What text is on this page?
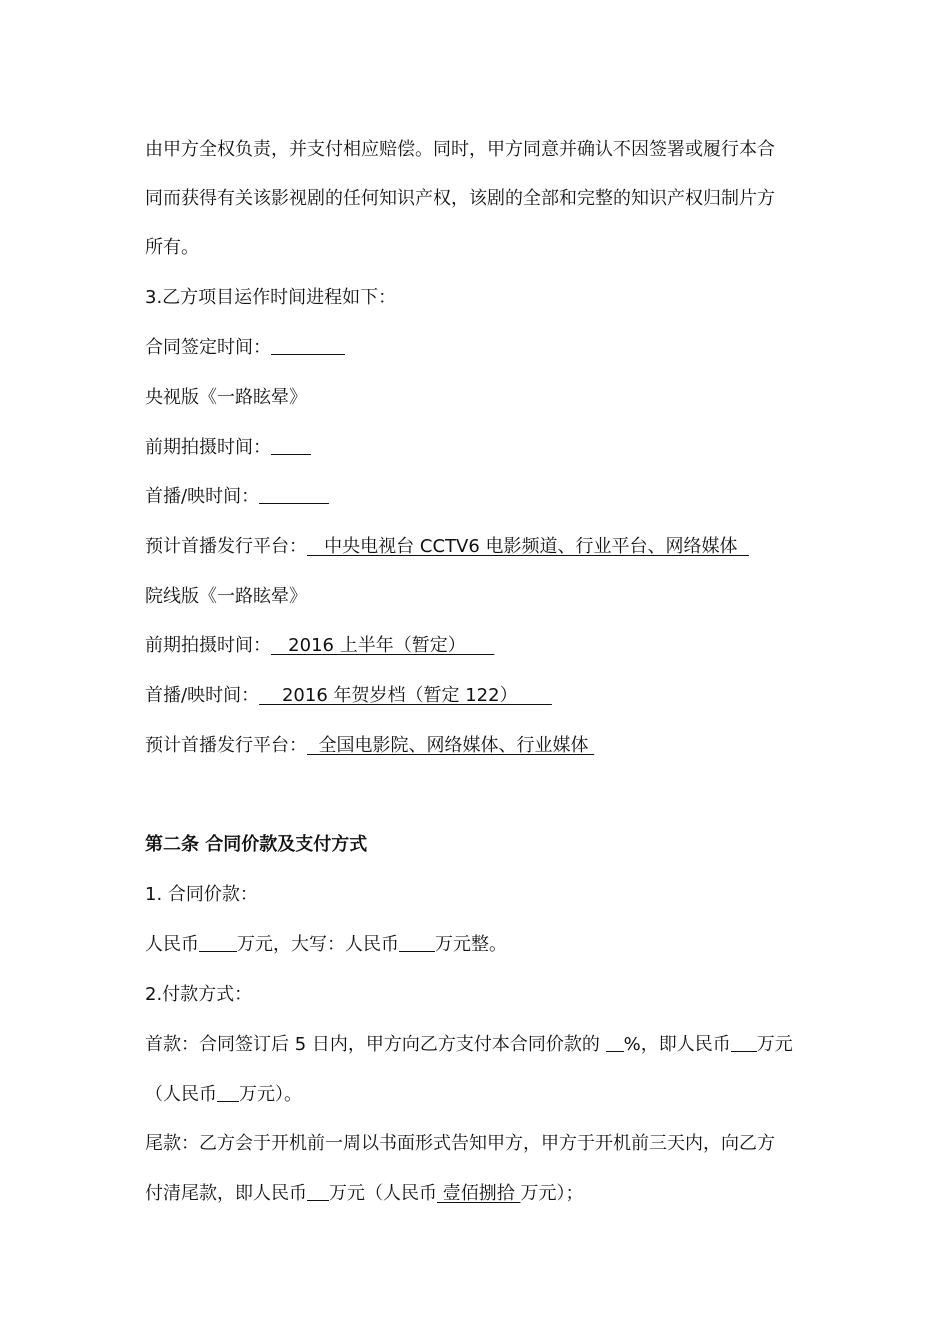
由甲方全权负责，并支付相应赔偿。同时，甲方同意并确认不因签署或履行本合
同而获得有关该影视剧的任何知识产权，该剧的全部和完整的知识产权归制片方
所有。
3.乙方项目运作时间进程如下：
合同签定时间：
央视版《一路眩晕》
前期拍摄时间：
首播/映时间：
预计首播发行平台：   中央电视台 CCTV6 电影频道、行业平台、网络媒体
院线版《一路眩晕》
前期拍摄时间：   2016 上半年（暂定）
首播/映时间：    2016 年贺岁档（暂定 122）
预计首播发行平台：  全国电影院、网络媒体、行业媒体
第二条 合同价款及支付方式
1. 合同价款：
人民币 万元，大写：人民币 万元整。
2.付款方式：
首款：合同签订后 5 日内，甲方向乙方支付本合同价款的 %，即人民币 万元
（人民币 万元）。
尾款：乙方会于开机前一周以书面形式告知甲方，甲方于开机前三天内，向乙方
付清尾款，即人民币 万元（人民币 壹佰捌拾 万元）；
